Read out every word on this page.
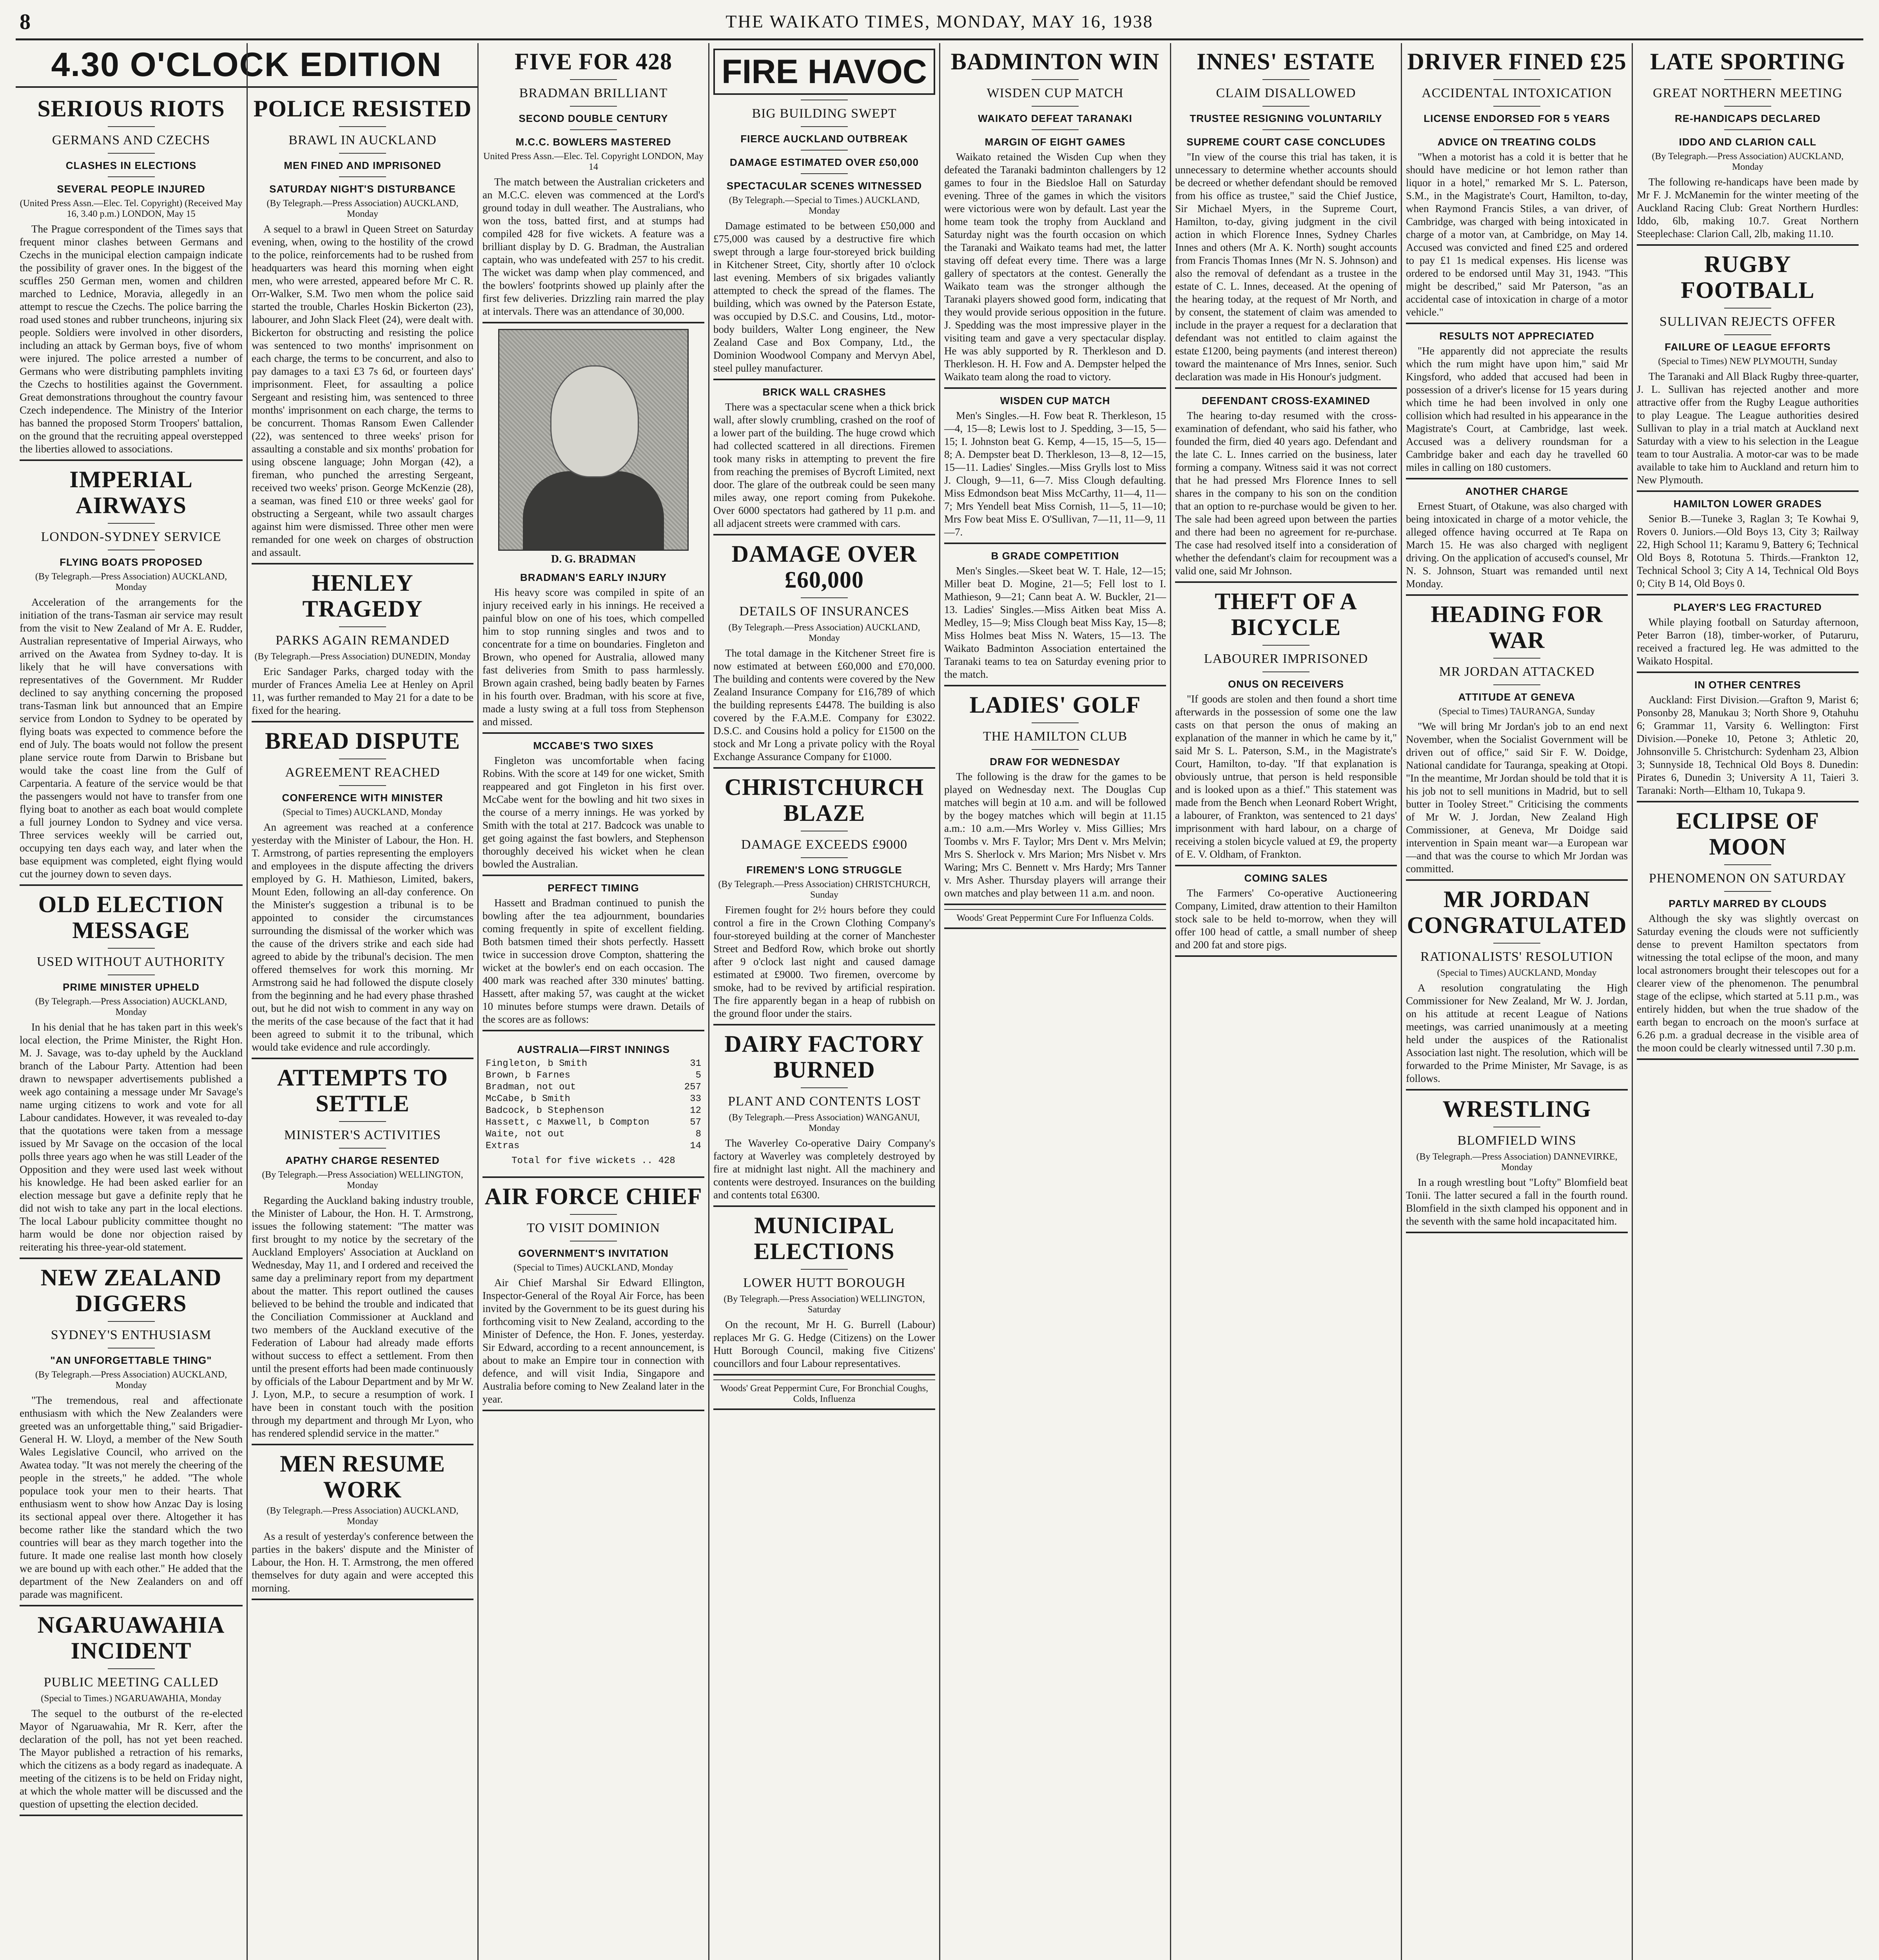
8	THE WAIKATO TIMES, MONDAY, MAY 16, 1938
4.30 O'CLOCK EDITION
SERIOUS RIOTS
GERMANS AND CZECHS
CLASHES IN ELECTIONS
SEVERAL PEOPLE INJURED
(United Press Assn.—Elec. Tel. Copyright) (Received May 16, 3.40 p.m.) LONDON, May 15

The Prague correspondent of the Times says that frequent minor clashes between Germans and Czechs in the municipal election campaign indicate the possibility of graver ones. In the biggest of the scuffles 250 German men, women and children marched to Lednice, Moravia, allegedly in an attempt to rescue the Czechs. The police barring the road used stones and rubber truncheons, injuring six people. Soldiers were involved in other disorders, including an attack by German boys, five of whom were injured. The police arrested a number of Germans who were distributing pamphlets inviting the Czechs to hostilities against the Government. Great demonstrations throughout the country favour Czech independence. The Ministry of the Interior has banned the proposed Storm Troopers' battalion, on the ground that the recruiting appeal overstepped the liberties allowed to associations.

IMPERIAL AIRWAYS
LONDON-SYDNEY SERVICE
FLYING BOATS PROPOSED
(By Telegraph.—Press Association) AUCKLAND, Monday

Acceleration of the arrangements for the initiation of the trans-Tasman air service may result from the visit to New Zealand of Mr A. E. Rudder, Australian representative of Imperial Airways, who arrived on the Awatea from Sydney to-day. It is likely that he will have conversations with representatives of the Government. Mr Rudder declined to say anything concerning the proposed trans-Tasman link but announced that an Empire service from London to Sydney to be operated by flying boats was expected to commence before the end of July. The boats would not follow the present plane service route from Darwin to Brisbane but would take the coast line from the Gulf of Carpentaria. A feature of the service would be that the passengers would not have to transfer from one flying boat to another as each boat would complete a full journey London to Sydney and vice versa. Three services weekly will be carried out, occupying ten days each way, and later when the base equipment was completed, eight flying would cut the journey down to seven days.

OLD ELECTION MESSAGE
USED WITHOUT AUTHORITY
PRIME MINISTER UPHELD
(By Telegraph.—Press Association) AUCKLAND, Monday

In his denial that he has taken part in this week's local election, the Prime Minister, the Right Hon. M. J. Savage, was to-day upheld by the Auckland branch of the Labour Party. Attention had been drawn to newspaper advertisements published a week ago containing a message under Mr Savage's name urging citizens to work and vote for all Labour candidates. However, it was revealed to-day that the quotations were taken from a message issued by Mr Savage on the occasion of the local polls three years ago when he was still Leader of the Opposition and they were used last week without his knowledge. He had been asked earlier for an election message but gave a definite reply that he did not wish to take any part in the local elections. The local Labour publicity committee thought no harm would be done nor objection raised by reiterating his three-year-old statement.

NEW ZEALAND DIGGERS
SYDNEY'S ENTHUSIASM
"AN UNFORGETTABLE THING"
(By Telegraph.—Press Association) AUCKLAND, Monday

"The tremendous, real and affectionate enthusiasm with which the New Zealanders were greeted was an unforgettable thing," said Brigadier-General H. W. Lloyd, a member of the New South Wales Legislative Council, who arrived on the Awatea today. "It was not merely the cheering of the people in the streets," he added. "The whole populace took your men to their hearts. That enthusiasm went to show how Anzac Day is losing its sectional appeal over there. Altogether it has become rather like the standard which the two countries will bear as they march together into the future. It made one realise last month how closely we are bound up with each other." He added that the department of the New Zealanders on and off parade was magnificent.

NGARUAWAHIA INCIDENT
PUBLIC MEETING CALLED
(Special to Times.) NGARUAWAHIA, Monday

The sequel to the outburst of the re-elected Mayor of Ngaruawahia, Mr R. Kerr, after the declaration of the poll, has not yet been reached. The Mayor published a retraction of his remarks, which the citizens as a body regard as inadequate. A meeting of the citizens is to be held on Friday night, at which the whole matter will be discussed and the question of upsetting the election decided.

POLICE RESISTED
BRAWL IN AUCKLAND
MEN FINED AND IMPRISONED
SATURDAY NIGHT'S DISTURBANCE
(By Telegraph.—Press Association) AUCKLAND, Monday

A sequel to a brawl in Queen Street on Saturday evening, when, owing to the hostility of the crowd to the police, reinforcements had to be rushed from headquarters was heard this morning when eight men, who were arrested, appeared before Mr C. R. Orr-Walker, S.M. Two men whom the police said started the trouble, Charles Hoskin Bickerton (23), labourer, and John Slack Fleet (24), were dealt with. Bickerton for obstructing and resisting the police was sentenced to two months' imprisonment on each charge, the terms to be concurrent, and also to pay damages to a taxi £3 7s 6d, or fourteen days' imprisonment. Fleet, for assaulting a police Sergeant and resisting him, was sentenced to three months' imprisonment on each charge, the terms to be concurrent. Thomas Ransom Ewen Callender (22), was sentenced to three weeks' prison for assaulting a constable and six months' probation for using obscene language; John Morgan (42), a fireman, who punched the arresting Sergeant, received two weeks' prison. George McKenzie (28), a seaman, was fined £10 or three weeks' gaol for obstructing a Sergeant, while two assault charges against him were dismissed. Three other men were remanded for one week on charges of obstruction and assault.

HENLEY TRAGEDY
PARKS AGAIN REMANDED
(By Telegraph.—Press Association) DUNEDIN, Monday

Eric Sandager Parks, charged today with the murder of Frances Amelia Lee at Henley on April 11, was further remanded to May 21 for a date to be fixed for the hearing.

BREAD DISPUTE
AGREEMENT REACHED
CONFERENCE WITH MINISTER
(Special to Times) AUCKLAND, Monday

An agreement was reached at a conference yesterday with the Minister of Labour, the Hon. H. T. Armstrong, of parties representing the employers and employees in the dispute affecting the drivers employed by G. H. Mathieson, Limited, bakers, Mount Eden, following an all-day conference. On the Minister's suggestion a tribunal is to be appointed to consider the circumstances surrounding the dismissal of the worker which was the cause of the drivers strike and each side had agreed to abide by the tribunal's decision. The men offered themselves for work this morning. Mr Armstrong said he had followed the dispute closely from the beginning and he had every phase thrashed out, but he did not wish to comment in any way on the merits of the case because of the fact that it had been agreed to submit it to the tribunal, which would take evidence and rule accordingly.

ATTEMPTS TO SETTLE
MINISTER'S ACTIVITIES
APATHY CHARGE RESENTED
(By Telegraph.—Press Association) WELLINGTON, Monday

Regarding the Auckland baking industry trouble, the Minister of Labour, the Hon. H. T. Armstrong, issues the following statement: "The matter was first brought to my notice by the secretary of the Auckland Employers' Association at Auckland on Wednesday, May 11, and I ordered and received the same day a preliminary report from my department about the matter. This report outlined the causes believed to be behind the trouble and indicated that the Conciliation Commissioner at Auckland and two members of the Auckland executive of the Federation of Labour had already made efforts without success to effect a settlement. From then until the present efforts had been made continuously by officials of the Labour Department and by Mr W. J. Lyon, M.P., to secure a resumption of work. I have been in constant touch with the position through my department and through Mr Lyon, who has rendered splendid service in the matter."

MEN RESUME WORK
(By Telegraph.—Press Association) AUCKLAND, Monday

As a result of yesterday's conference between the parties in the bakers' dispute and the Minister of Labour, the Hon. H. T. Armstrong, the men offered themselves for duty again and were accepted this morning.

FIVE FOR 428
BRADMAN BRILLIANT
SECOND DOUBLE CENTURY
M.C.C. BOWLERS MASTERED
United Press Assn.—Elec. Tel. Copyright LONDON, May 14

The match between the Australian cricketers and an M.C.C. eleven was commenced at the Lord's ground today in dull weather. The Australians, who won the toss, batted first, and at stumps had compiled 428 for five wickets. A feature was a brilliant display by D. G. Bradman, the Australian captain, who was undefeated with 257 to his credit. The wicket was damp when play commenced, and the bowlers' footprints showed up plainly after the first few deliveries. Drizzling rain marred the play at intervals. There was an attendance of 30,000.

D. G. BRADMAN
BRADMAN'S EARLY INJURY

His heavy score was compiled in spite of an injury received early in his innings. He received a painful blow on one of his toes, which compelled him to stop running singles and twos and to concentrate for a time on boundaries. Fingleton and Brown, who opened for Australia, allowed many fast deliveries from Smith to pass harmlessly. Brown again crashed, being badly beaten by Farnes in his fourth over. Bradman, with his score at five, made a lusty swing at a full toss from Stephenson and missed.

MCCABE'S TWO SIXES

Fingleton was uncomfortable when facing Robins. With the score at 149 for one wicket, Smith reappeared and got Fingleton in his first over. McCabe went for the bowling and hit two sixes in the course of a merry innings. He was yorked by Smith with the total at 217. Badcock was unable to get going against the fast bowlers, and Stephenson thoroughly deceived his wicket when he clean bowled the Australian.

PERFECT TIMING

Hassett and Bradman continued to punish the bowling after the tea adjournment, boundaries coming frequently in spite of excellent fielding. Both batsmen timed their shots perfectly. Hassett twice in succession drove Compton, shattering the wicket at the bowler's end on each occasion. The 400 mark was reached after 330 minutes' batting. Hassett, after making 57, was caught at the wicket 10 minutes before stumps were drawn. Details of the scores are as follows:

AUSTRALIA—FIRST INNINGS
Fingleton, b Smith	31
Brown, b Farnes	5
Bradman, not out	257
McCabe, b Smith	33
Badcock, b Stephenson	12
Hassett, c Maxwell, b Compton	57
Waite, not out	8
Extras	14
Total for five wickets .. 428
AIR FORCE CHIEF
TO VISIT DOMINION
GOVERNMENT'S INVITATION
(Special to Times) AUCKLAND, Monday

Air Chief Marshal Sir Edward Ellington, Inspector-General of the Royal Air Force, has been invited by the Government to be its guest during his forthcoming visit to New Zealand, according to the Minister of Defence, the Hon. F. Jones, yesterday. Sir Edward, according to a recent announcement, is about to make an Empire tour in connection with defence, and will visit India, Singapore and Australia before coming to New Zealand later in the year.

FIRE HAVOC
BIG BUILDING SWEPT
FIERCE AUCKLAND OUTBREAK
DAMAGE ESTIMATED OVER £50,000
SPECTACULAR SCENES WITNESSED
(By Telegraph.—Special to Times.) AUCKLAND, Monday

Damage estimated to be between £50,000 and £75,000 was caused by a destructive fire which swept through a large four-storeyed brick building in Kitchener Street, City, shortly after 10 o'clock last evening. Members of six brigades valiantly attempted to check the spread of the flames. The building, which was owned by the Paterson Estate, was occupied by D.S.C. and Cousins, Ltd., motor-body builders, Walter Long engineer, the New Zealand Case and Box Company, Ltd., the Dominion Woodwool Company and Mervyn Abel, steel pulley manufacturer.

BRICK WALL CRASHES

There was a spectacular scene when a thick brick wall, after slowly crumbling, crashed on the roof of a lower part of the building. The huge crowd which had collected scattered in all directions. Firemen took many risks in attempting to prevent the fire from reaching the premises of Bycroft Limited, next door. The glare of the outbreak could be seen many miles away, one report coming from Pukekohe. Over 6000 spectators had gathered by 11 p.m. and all adjacent streets were crammed with cars.

DAMAGE OVER £60,000
DETAILS OF INSURANCES
(By Telegraph.—Press Association) AUCKLAND, Monday

The total damage in the Kitchener Street fire is now estimated at between £60,000 and £70,000. The building and contents were covered by the New Zealand Insurance Company for £16,789 of which the building represents £4478. The building is also covered by the F.A.M.E. Company for £3022. D.S.C. and Cousins hold a policy for £1500 on the stock and Mr Long a private policy with the Royal Exchange Assurance Company for £1000.

CHRISTCHURCH BLAZE
DAMAGE EXCEEDS £9000
FIREMEN'S LONG STRUGGLE
(By Telegraph.—Press Association) CHRISTCHURCH, Sunday

Firemen fought for 2½ hours before they could control a fire in the Crown Clothing Company's four-storeyed building at the corner of Manchester Street and Bedford Row, which broke out shortly after 9 o'clock last night and caused damage estimated at £9000. Two firemen, overcome by smoke, had to be revived by artificial respiration. The fire apparently began in a heap of rubbish on the ground floor under the stairs.

DAIRY FACTORY BURNED
PLANT AND CONTENTS LOST
(By Telegraph.—Press Association) WANGANUI, Monday

The Waverley Co-operative Dairy Company's factory at Waverley was completely destroyed by fire at midnight last night. All the machinery and contents were destroyed. Insurances on the building and contents total £6300.

MUNICIPAL ELECTIONS
LOWER HUTT BOROUGH
(By Telegraph.—Press Association) WELLINGTON, Saturday

On the recount, Mr H. G. Burrell (Labour) replaces Mr G. G. Hedge (Citizens) on the Lower Hutt Borough Council, making five Citizens' councillors and four Labour representatives.

Woods' Great Peppermint Cure, For Bronchial Coughs, Colds, Influenza
BADMINTON WIN
WISDEN CUP MATCH
WAIKATO DEFEAT TARANAKI
MARGIN OF EIGHT GAMES

Waikato retained the Wisden Cup when they defeated the Taranaki badminton challengers by 12 games to four in the Biedsloe Hall on Saturday evening. Three of the games in which the visitors were victorious were won by default. Last year the home team took the trophy from Auckland and Saturday night was the fourth occasion on which the Taranaki and Waikato teams had met, the latter staving off defeat every time. There was a large gallery of spectators at the contest. Generally the Waikato team was the stronger although the Taranaki players showed good form, indicating that they would provide serious opposition in the future. J. Spedding was the most impressive player in the visiting team and gave a very spectacular display. He was ably supported by R. Therkleson and D. Therkleson. H. H. Fow and A. Dempster helped the Waikato team along the road to victory.

WISDEN CUP MATCH

Men's Singles.—H. Fow beat R. Therkleson, 15—4, 15—8; Lewis lost to J. Spedding, 3—15, 5—15; I. Johnston beat G. Kemp, 4—15, 15—5, 15—8; A. Dempster beat D. Therkleson, 13—8, 12—15, 15—11. Ladies' Singles.—Miss Grylls lost to Miss J. Clough, 9—11, 6—7. Miss Clough defaulting. Miss Edmondson beat Miss McCarthy, 11—4, 11—7; Mrs Yendell beat Miss Cornish, 11—5, 11—10; Mrs Fow beat Miss E. O'Sullivan, 7—11, 11—9, 11—7.

B GRADE COMPETITION

Men's Singles.—Skeet beat W. T. Hale, 12—15; Miller beat D. Mogine, 21—5; Fell lost to I. Mathieson, 9—21; Cann beat A. W. Buckler, 21—13. Ladies' Singles.—Miss Aitken beat Miss A. Medley, 15—9; Miss Clough beat Miss Kay, 15—8; Miss Holmes beat Miss N. Waters, 15—13. The Waikato Badminton Association entertained the Taranaki teams to tea on Saturday evening prior to the match.

LADIES' GOLF
THE HAMILTON CLUB
DRAW FOR WEDNESDAY

The following is the draw for the games to be played on Wednesday next. The Douglas Cup matches will begin at 10 a.m. and will be followed by the bogey matches which will begin at 11.15 a.m.: 10 a.m.—Mrs Worley v. Miss Gillies; Mrs Toombs v. Mrs F. Taylor; Mrs Dent v. Mrs Melvin; Mrs S. Sherlock v. Mrs Marion; Mrs Nisbet v. Mrs Waring; Mrs C. Bennett v. Mrs Hardy; Mrs Tanner v. Mrs Asher. Thursday players will arrange their own matches and play between 11 a.m. and noon.

Woods' Great Peppermint Cure For Influenza Colds.
INNES' ESTATE
CLAIM DISALLOWED
TRUSTEE RESIGNING VOLUNTARILY
SUPREME COURT CASE CONCLUDES

"In view of the course this trial has taken, it is unnecessary to determine whether accounts should be decreed or whether defendant should be removed from his office as trustee," said the Chief Justice, Sir Michael Myers, in the Supreme Court, Hamilton, to-day, giving judgment in the civil action in which Florence Innes, Sydney Charles Innes and others (Mr A. K. North) sought accounts from Francis Thomas Innes (Mr N. S. Johnson) and also the removal of defendant as a trustee in the estate of C. L. Innes, deceased. At the opening of the hearing today, at the request of Mr North, and by consent, the statement of claim was amended to include in the prayer a request for a declaration that defendant was not entitled to claim against the estate £1200, being payments (and interest thereon) toward the maintenance of Mrs Innes, senior. Such declaration was made in His Honour's judgment.

DEFENDANT CROSS-EXAMINED

The hearing to-day resumed with the cross-examination of defendant, who said his father, who founded the firm, died 40 years ago. Defendant and the late C. L. Innes carried on the business, later forming a company. Witness said it was not correct that he had pressed Mrs Florence Innes to sell shares in the company to his son on the condition that an option to re-purchase would be given to her. The sale had been agreed upon between the parties and there had been no agreement for re-purchase. The case had resolved itself into a consideration of whether the defendant's claim for recoupment was a valid one, said Mr Johnson.

THEFT OF A BICYCLE
LABOURER IMPRISONED
ONUS ON RECEIVERS

"If goods are stolen and then found a short time afterwards in the possession of some one the law casts on that person the onus of making an explanation of the manner in which he came by it," said Mr S. L. Paterson, S.M., in the Magistrate's Court, Hamilton, to-day. "If that explanation is obviously untrue, that person is held responsible and is looked upon as a thief." This statement was made from the Bench when Leonard Robert Wright, a labourer, of Frankton, was sentenced to 21 days' imprisonment with hard labour, on a charge of receiving a stolen bicycle valued at £9, the property of E. V. Oldham, of Frankton.

COMING SALES

The Farmers' Co-operative Auctioneering Company, Limited, draw attention to their Hamilton stock sale to be held to-morrow, when they will offer 100 head of cattle, a small number of sheep and 200 fat and store pigs.

DRIVER FINED £25
ACCIDENTAL INTOXICATION
LICENSE ENDORSED FOR 5 YEARS
ADVICE ON TREATING COLDS

"When a motorist has a cold it is better that he should have medicine or hot lemon rather than liquor in a hotel," remarked Mr S. L. Paterson, S.M., in the Magistrate's Court, Hamilton, to-day, when Raymond Francis Stiles, a van driver, of Cambridge, was charged with being intoxicated in charge of a motor van, at Cambridge, on May 14. Accused was convicted and fined £25 and ordered to pay £1 1s medical expenses. His license was ordered to be endorsed until May 31, 1943. "This might be described," said Mr Paterson, "as an accidental case of intoxication in charge of a motor vehicle."

RESULTS NOT APPRECIATED

"He apparently did not appreciate the results which the rum might have upon him," said Mr Kingsford, who added that accused had been in possession of a driver's license for 15 years during which time he had been involved in only one collision which had resulted in his appearance in the Magistrate's Court, at Cambridge, last week. Accused was a delivery roundsman for a Cambridge baker and each day he travelled 60 miles in calling on 180 customers.

ANOTHER CHARGE

Ernest Stuart, of Otakune, was also charged with being intoxicated in charge of a motor vehicle, the alleged offence having occurred at Te Rapa on March 15. He was also charged with negligent driving. On the application of accused's counsel, Mr N. S. Johnson, Stuart was remanded until next Monday.

HEADING FOR WAR
MR JORDAN ATTACKED
ATTITUDE AT GENEVA
(Special to Times) TAURANGA, Sunday

"We will bring Mr Jordan's job to an end next November, when the Socialist Government will be driven out of office," said Sir F. W. Doidge, National candidate for Tauranga, speaking at Otopi. "In the meantime, Mr Jordan should be told that it is his job not to sell munitions in Madrid, but to sell butter in Tooley Street." Criticising the comments of Mr W. J. Jordan, New Zealand High Commissioner, at Geneva, Mr Doidge said intervention in Spain meant war—a European war—and that was the course to which Mr Jordan was committed.

MR JORDAN CONGRATULATED
RATIONALISTS' RESOLUTION
(Special to Times) AUCKLAND, Monday

A resolution congratulating the High Commissioner for New Zealand, Mr W. J. Jordan, on his attitude at recent League of Nations meetings, was carried unanimously at a meeting held under the auspices of the Rationalist Association last night. The resolution, which will be forwarded to the Prime Minister, Mr Savage, is as follows.

WRESTLING
BLOMFIELD WINS
(By Telegraph.—Press Association) DANNEVIRKE, Monday

In a rough wrestling bout "Lofty" Blomfield beat Tonii. The latter secured a fall in the fourth round. Blomfield in the sixth clamped his opponent and in the seventh with the same hold incapacitated him.

LATE SPORTING
GREAT NORTHERN MEETING
RE-HANDICAPS DECLARED
IDDO AND CLARION CALL
(By Telegraph.—Press Association) AUCKLAND, Monday

The following re-handicaps have been made by Mr F. J. McManemin for the winter meeting of the Auckland Racing Club: Great Northern Hurdles: Iddo, 6lb, making 10.7. Great Northern Steeplechase: Clarion Call, 2lb, making 11.10.

RUGBY FOOTBALL
SULLIVAN REJECTS OFFER
FAILURE OF LEAGUE EFFORTS
(Special to Times) NEW PLYMOUTH, Sunday

The Taranaki and All Black Rugby three-quarter, J. L. Sullivan has rejected another and more attractive offer from the Rugby League authorities to play League. The League authorities desired Sullivan to play in a trial match at Auckland next Saturday with a view to his selection in the League team to tour Australia. A motor-car was to be made available to take him to Auckland and return him to New Plymouth.

HAMILTON LOWER GRADES

Senior B.—Tuneke 3, Raglan 3; Te Kowhai 9, Rovers 0. Juniors.—Old Boys 13, City 3; Railway 22, High School 11; Karamu 9, Battery 6; Technical Old Boys 8, Rototuna 5. Thirds.—Frankton 12, Technical School 3; City A 14, Technical Old Boys 0; City B 14, Old Boys 0.

PLAYER'S LEG FRACTURED

While playing football on Saturday afternoon, Peter Barron (18), timber-worker, of Putaruru, received a fractured leg. He was admitted to the Waikato Hospital.

IN OTHER CENTRES

Auckland: First Division.—Grafton 9, Marist 6; Ponsonby 28, Manukau 3; North Shore 9, Otahuhu 6; Grammar 11, Varsity 6. Wellington: First Division.—Poneke 10, Petone 3; Athletic 20, Johnsonville 5. Christchurch: Sydenham 23, Albion 3; Sunnyside 18, Technical Old Boys 8. Dunedin: Pirates 6, Dunedin 3; University A 11, Taieri 3. Taranaki: North—Eltham 10, Tukapa 9.

ECLIPSE OF MOON
PHENOMENON ON SATURDAY
PARTLY MARRED BY CLOUDS

Although the sky was slightly overcast on Saturday evening the clouds were not sufficiently dense to prevent Hamilton spectators from witnessing the total eclipse of the moon, and many local astronomers brought their telescopes out for a clearer view of the phenomenon. The penumbral stage of the eclipse, which started at 5.11 p.m., was entirely hidden, but when the true shadow of the earth began to encroach on the moon's surface at 6.26 p.m. a gradual decrease in the visible area of the moon could be clearly witnessed until 7.30 p.m.
